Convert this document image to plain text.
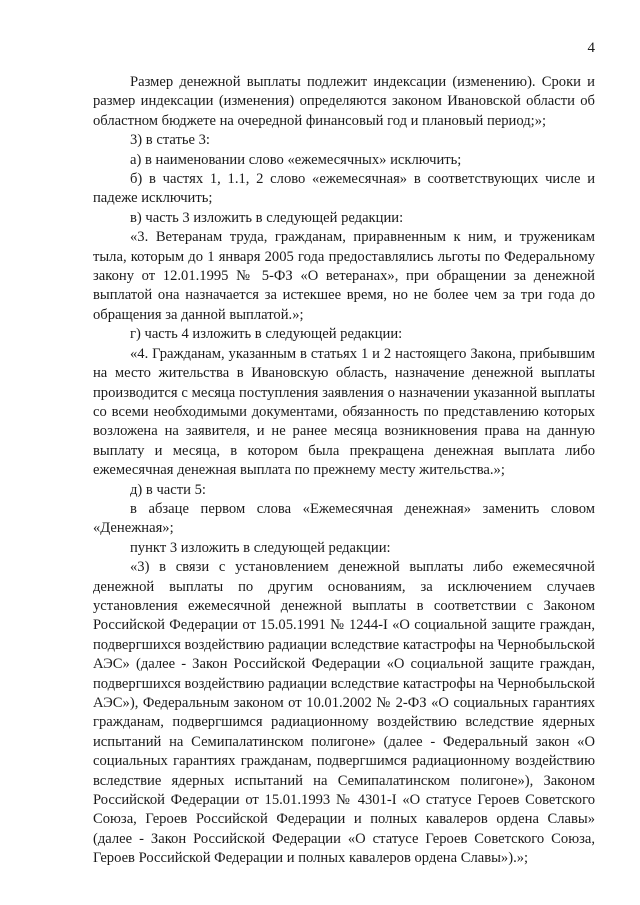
4

Размер денежной выплаты подлежит индексации (изменению). Сроки и размер индексации (изменения) определяются законом Ивановской области об областном бюджете на очередной финансовый год и плановый период;»;

3) в статье 3:

а) в наименовании слово «ежемесячных» исключить;

б) в частях 1, 1.1, 2 слово «ежемесячная» в соответствующих числе и падеже исключить;

в) часть 3 изложить в следующей редакции:

«3. Ветеранам труда, гражданам, приравненным к ним, и труженикам тыла, которым до 1 января 2005 года предоставлялись льготы по Федеральному закону от 12.01.1995 № 5-ФЗ «О ветеранах», при обращении за денежной выплатой она назначается за истекшее время, но не более чем за три года до обращения за данной выплатой.»;

г) часть 4 изложить в следующей редакции:

«4. Гражданам, указанным в статьях 1 и 2 настоящего Закона, прибывшим на место жительства в Ивановскую область, назначение денежной выплаты производится с месяца поступления заявления о назначении указанной выплаты со всеми необходимыми документами, обязанность по представлению которых возложена на заявителя, и не ранее месяца возникновения права на данную выплату и месяца, в котором была прекращена денежная выплата либо ежемесячная денежная выплата по прежнему месту жительства.»;

д) в части 5:

в абзаце первом слова «Ежемесячная денежная» заменить словом «Денежная»;

пункт 3 изложить в следующей редакции:

«3) в связи с установлением денежной выплаты либо ежемесячной денежной выплаты по другим основаниям, за исключением случаев установления ежемесячной денежной выплаты в соответствии с Законом Российской Федерации от 15.05.1991 № 1244-I «О социальной защите граждан, подвергшихся воздействию радиации вследствие катастрофы на Чернобыльской АЭС» (далее - Закон Российской Федерации «О социальной защите граждан, подвергшихся воздействию радиации вследствие катастрофы на Чернобыльской АЭС»), Федеральным законом от 10.01.2002 № 2-ФЗ «О социальных гарантиях гражданам, подвергшимся радиационному воздействию вследствие ядерных испытаний на Семипалатинском полигоне» (далее - Федеральный закон «О социальных гарантиях гражданам, подвергшимся радиационному воздействию вследствие ядерных испытаний на Семипалатинском полигоне»), Законом Российской Федерации от 15.01.1993 № 4301-I «О статусе Героев Советского Союза, Героев Российской Федерации и полных кавалеров ордена Славы» (далее - Закон Российской Федерации «О статусе Героев Советского Союза, Героев Российской Федерации и полных кавалеров ордена Славы»).»;
